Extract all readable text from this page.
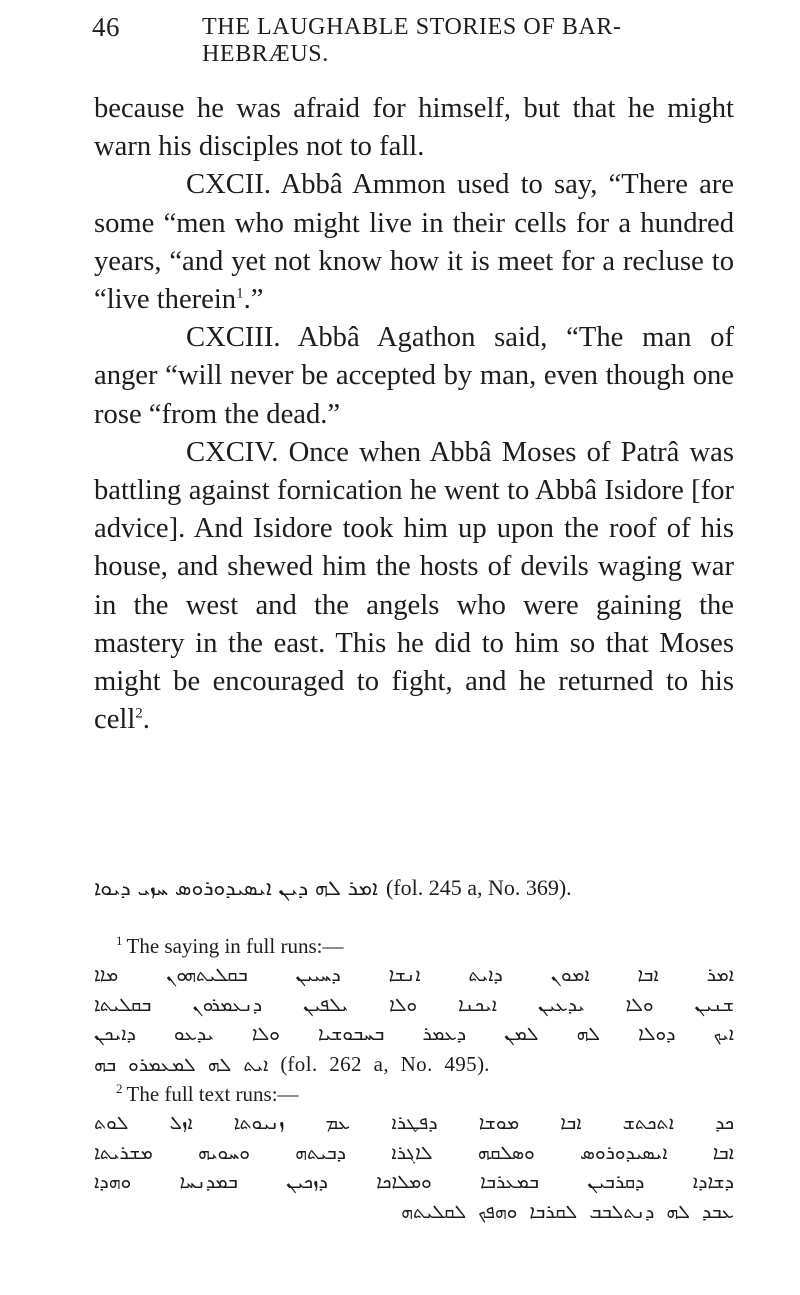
46	THE LAUGHABLE STORIES OF BAR-HEBRÆUS.

because he was afraid for himself, but that he might warn his disciples not to fall.

CXCII. Abbâ Ammon used to say, “There are some “men who might live in their cells for a hundred years, “and yet not know how it is meet for a recluse to “live therein$^1$.”

CXCIII. Abbâ Agathon said, “The man of anger “will never be accepted by man, even though one rose “from the dead.”

CXCIV. Once when Abbâ Moses of Patrâ was battling against fornication he went to Abbâ Isidore [for advice]. And Isidore took him up upon the roof of his house, and shewed him the hosts of devils waging war in the west and the angels who were gaining the mastery in the east. This he did to him so that Moses might be encouraged to fight, and he returned to his cell$^2$.

ܐܡܪ ܠܗ ܕܝܢ ܐܝܣܝܕܘܪܘܣ ܚܙܝ ܕܝܘܐ (fol. 245 a, No. 369).

$^1$ The saying in full runs:—

ܐܡܪ ܐܒܐ ܐܡܘܢ ܕܐܝܬ ܐܢܫܐ ܕܚܝܝܢ ܒܩܠܝܬܗܘܢ ܡܐܐ

ܫܢܝܢ ܘܠܐ ܝܕܥܝܢ ܐܝܟܢܐ ܘܠܐ ܝܠܦܝܢ ܕܢܥܡܪܘܢ ܒܩܠܝܬܐ

ܐܝܟ ܕܘܠܐ ܠܗ ܠܡܢ ܕܥܡܪ ܒܚܒܘܫܝܐ ܘܠܐ ܝܕܥܘ ܕܐܝܟܢ

ܐܝܬ ܠܗ ܠܡܥܡܪܘ ܒܗ (fol. 262 a, No. 495).

$^2$ The full text runs:—

ܟܕ ܐܬܟܬܫ ܐܒܐ ܡܘܫܐ ܕܦܛܪܐ ܥܡ ܙܢܝܘܬܐ ܐܙܠ ܠܘܬ

ܐܒܐ ܐܝܣܝܕܘܪܘܣ ܘܣܠܩܗ ܠܐܓܪܐ ܕܒܝܬܗ ܘܚܘܝܗ ܡܫܪܝܬܐ

ܕܫܐܕܐ ܕܩܪܒܝܢ ܒܡܥܪܒܐ ܘܡܠܐܟܐ ܕܙܟܝܢ ܒܡܕܢܚܐ ܘܗܕܐ

ܥܒܕ ܠܗ ܕܢܬܠܒܒ ܠܩܪܒܐ ܘܗܦܟ ܠܩܠܝܬܗ
